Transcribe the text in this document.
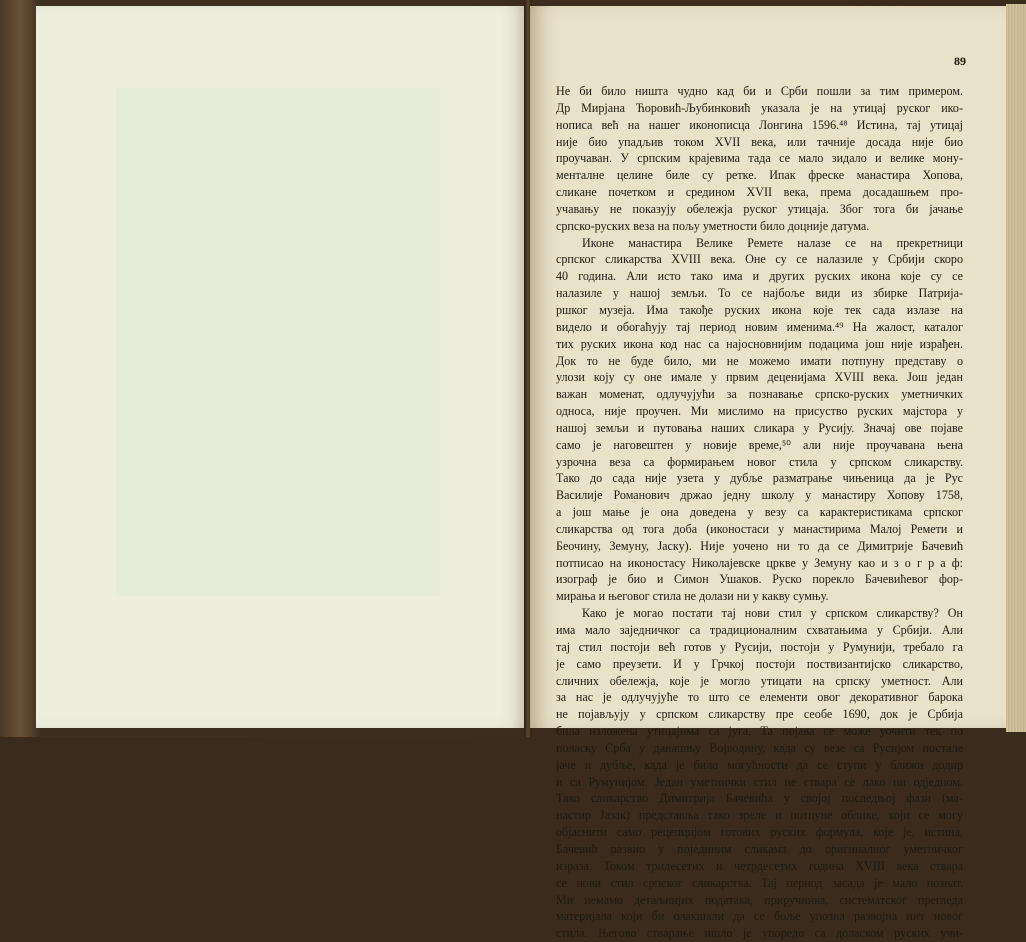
89
Не би било ништа чудно кад би и Срби пошли за тим примером.
Др Мирјана Ћоровић-Љубинковић указала је на утицај руског ико-
нописа већ на нашег иконописца Лонгина 1596.⁴⁸ Истина, тај утицај
није био упадљив током XVII века, или тачније досада није био
проучаван. У српским крајевима тада се мало зидало и велике мону-
менталне целине биле су ретке. Ипак фреске манастира Хопова,
сликане почетком и средином XVII века, према досадашњем про-
учавању не показују обележја руског утицаја. Због тога би јачање
српско-руских веза на пољу уметности било доцније датума.
Иконе манастира Велике Ремете налазе се на прекретници
српског сликарства XVIII века. Оне су се налазиле у Србији скоро
40 година. Али исто тако има и других руских икона које су се
налазиле у нашој земљи. То се најбоље види из збирке Патрија-
ршког музеја. Има такође руских икона које тек сада излазе на
видело и обогаћују тај период новим именима.⁴⁹ На жалост, каталог
тих руских икона код нас са најосновнијим подацима још није израђен.
Док то не буде било, ми не можемо имати потпуну представу о
улози коју су оне имале у првим деценијама XVIII века. Још један
важан моменат, одлучујући за познавање српско-руских уметничких
односа, није проучен. Ми мислимо на присуство руских мајстора у
нашој земљи и путовања наших сликара у Русију. Значај ове појаве
само је наговештен у новије време,⁵⁰ али није проучавана њена
узрочна веза са формирањем новог стила у српском сликарству.
Тако до сада није узета у дубље разматрање чињеница да је Рус
Василије Романович држао једну школу у манастиру Хопову 1758,
а још мање је она доведена у везу са карактеристикама српског
сликарства од тога доба (иконостаси у манастирима Малој Ремети и
Беочину, Земуну, Јаску). Није уочено ни то да се Димитрије Бачевић
потписао на иконостасу Николајевске цркве у Земуну као и з о г р а ф:
изограф је био и Симон Ушаков. Руско порекло Бачевићевог фор-
мирања и његовог стила не долази ни у какву сумњу.
Како је могао постати тај нови стил у српском сликарству? Он
има мало заједничког са традиционалним схватањима у Србији. Али
тај стил постоји већ готов у Русији, постоји у Румунији, требало га
је само преузети. И у Грчкој постоји поствизантијско сликарство,
сличних обележја, које је могло утицати на српску уметност. Али
за нас је одлучујуће то што се елементи овог декоративног барока
не појављују у српском сликарству пре сеобе 1690, док је Србија
била изложена утицајима са југа. Та појава се може уочити тек по
поласку Срба у данашњу Војводину, када су везе са Русијом постале
јаче и дубље, када је било могућности да се ступи у ближи додир
и са Румунијом. Један уметнички стил не ствара се лако ни одједном.
Тако сликарство Димитрија Бачевића у својој последњој фази (ма-
настир Јазак) представља тако зреле и потпуне облике, који се могу
објаснити само рецепцијом готових руских формула, које је, истина,
Бачевић развио у појединим сликама до оригиналног уметничког
израза. Током тридесетих и четрдесетих година XVIII века ствара
се нови стил српског сликарства. Тај период засада је мало познат.
Ми немамо детаљнијих података, приручника, систематског прегледа
материјала који би олакшали да се боље упозна развојна нит новог
стила. Његово стварање ишло је упоредо са доласком руских учи-
